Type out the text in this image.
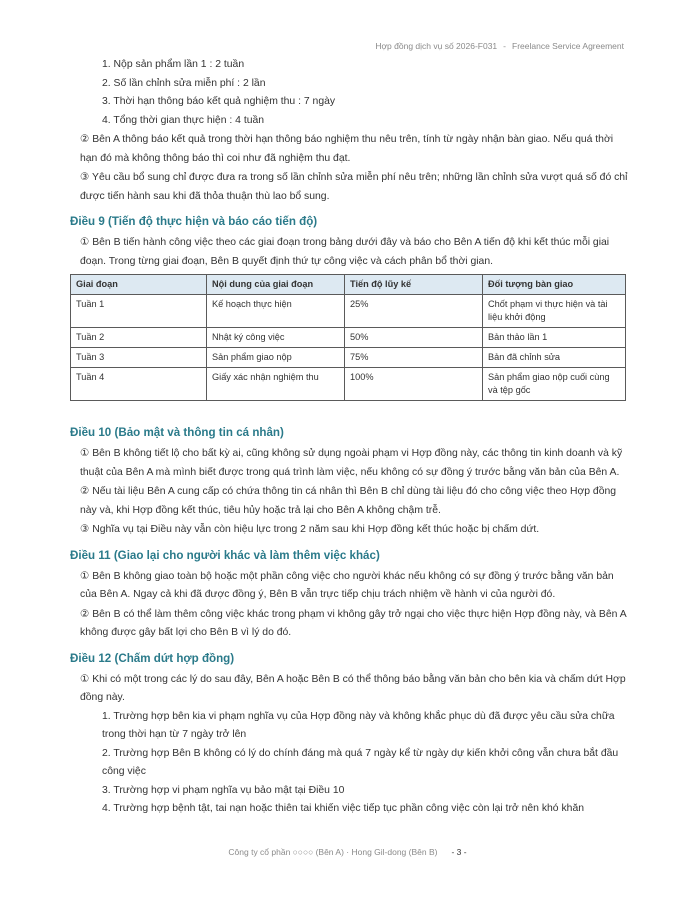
Hợp đồng dịch vụ số 2026-F031 - Freelance Service Agreement

1. Nộp sản phẩm lần 1 : 2 tuần

2. Số lần chỉnh sửa miễn phí : 2 lần

3. Thời hạn thông báo kết quả nghiệm thu : 7 ngày

4. Tổng thời gian thực hiện : 4 tuần

② Bên A thông báo kết quả trong thời hạn thông báo nghiệm thu nêu trên, tính từ ngày nhận bàn giao. Nếu quá thời hạn đó mà không thông báo thì coi như đã nghiệm thu đạt.

③ Yêu cầu bổ sung chỉ được đưa ra trong số lần chỉnh sửa miễn phí nêu trên; những lần chỉnh sửa vượt quá số đó chỉ được tiến hành sau khi đã thỏa thuận thù lao bổ sung.

Điều 9 (Tiến độ thực hiện và báo cáo tiến độ)

① Bên B tiến hành công việc theo các giai đoạn trong bảng dưới đây và báo cho Bên A tiến độ khi kết thúc mỗi giai đoạn. Trong từng giai đoạn, Bên B quyết định thứ tự công việc và cách phân bổ thời gian.

Giai đoạn	Nội dung của giai đoạn	Tiến độ lũy kế	Đối tượng bàn giao
Tuần 1	Kế hoạch thực hiện	25%	Chốt phạm vi thực hiện và tài liệu khởi động
Tuần 2	Nhật ký công việc	50%	Bản thảo lần 1
Tuần 3	Sản phẩm giao nộp	75%	Bản đã chỉnh sửa
Tuần 4	Giấy xác nhận nghiệm thu	100%	Sản phẩm giao nộp cuối cùng và tệp gốc
Điều 10 (Bảo mật và thông tin cá nhân)

① Bên B không tiết lộ cho bất kỳ ai, cũng không sử dụng ngoài phạm vi Hợp đồng này, các thông tin kinh doanh và kỹ thuật của Bên A mà mình biết được trong quá trình làm việc, nếu không có sự đồng ý trước bằng văn bản của Bên A.

② Nếu tài liệu Bên A cung cấp có chứa thông tin cá nhân thì Bên B chỉ dùng tài liệu đó cho công việc theo Hợp đồng này và, khi Hợp đồng kết thúc, tiêu hủy hoặc trả lại cho Bên A không chậm trễ.

③ Nghĩa vụ tại Điều này vẫn còn hiệu lực trong 2 năm sau khi Hợp đồng kết thúc hoặc bị chấm dứt.

Điều 11 (Giao lại cho người khác và làm thêm việc khác)

① Bên B không giao toàn bộ hoặc một phần công việc cho người khác nếu không có sự đồng ý trước bằng văn bản của Bên A. Ngay cả khi đã được đồng ý, Bên B vẫn trực tiếp chịu trách nhiệm về hành vi của người đó.

② Bên B có thể làm thêm công việc khác trong phạm vi không gây trở ngại cho việc thực hiện Hợp đồng này, và Bên A không được gây bất lợi cho Bên B vì lý do đó.

Điều 12 (Chấm dứt hợp đồng)

① Khi có một trong các lý do sau đây, Bên A hoặc Bên B có thể thông báo bằng văn bản cho bên kia và chấm dứt Hợp đồng này.

1. Trường hợp bên kia vi phạm nghĩa vụ của Hợp đồng này và không khắc phục dù đã được yêu cầu sửa chữa trong thời hạn từ 7 ngày trở lên

2. Trường hợp Bên B không có lý do chính đáng mà quá 7 ngày kể từ ngày dự kiến khởi công vẫn chưa bắt đầu công việc

3. Trường hợp vi phạm nghĩa vụ bảo mật tại Điều 10

4. Trường hợp bệnh tật, tai nạn hoặc thiên tai khiến việc tiếp tục phần công việc còn lại trở nên khó khăn

Công ty cổ phần ○○○○ (Bên A) · Hong Gil-dong (Bên B) - 3 -
